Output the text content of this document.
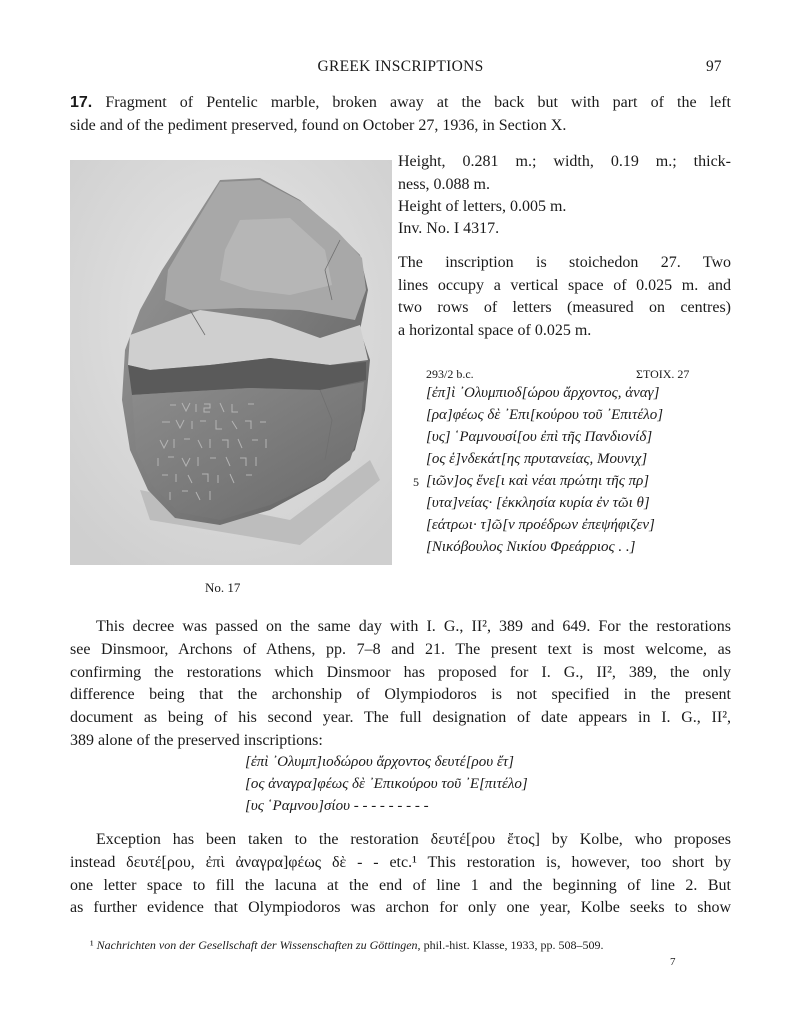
GREEK INSCRIPTIONS	97
17. Fragment of Pentelic marble, broken away at the back but with part of the left
side and of the pediment preserved, found on October 27, 1936, in Section X.
No. 17
Height, 0.281 m.; width, 0.19 m.; thick-
ness, 0.088 m.
Height of letters, 0.005 m.
Inv. No. I 4317.
The inscription is stoichedon 27. Two
lines occupy a vertical space of 0.025 m. and
two rows of letters (measured on centres)
a horizontal space of 0.025 m.
293/2 b.c.	ΣΤΟΙΧ. 27
[ἐπ]ὶ ᾿Ολυμπιοδ[ώρου ἄρχοντος, ἀναγ]
[ρα]φέως δὲ ᾿Επι[κούρου τοῦ ᾿Επιτέλο]
[υς] ῾Ραμνουσί[ου ἐπὶ τῆς Πανδιονίδ]
[ος ἑ]νδεκάτ[ης πρυτανείας, Μουνιχ]
5 [ιῶν]ος ἕνε[ι καὶ νέαι πρώτηι τῆς πρ]
[υτα]νείας· [ἐκκλησία κυρία ἐν τῶι θ]
[εάτρωι· τ]ῶ[ν προέδρων ἐπεψήφιζεν]
[Νικόβουλος Νικίου Φρεάρριος . .]
This decree was passed on the same day with I. G., II², 389 and 649. For the restorations
see Dinsmoor, Archons of Athens, pp. 7–8 and 21. The present text is most welcome, as
confirming the restorations which Dinsmoor has proposed for I. G., II², 389, the only
difference being that the archonship of Olympiodoros is not specified in the present
document as being of his second year. The full designation of date appears in I. G., II²,
389 alone of the preserved inscriptions:
[ἐπὶ ᾿Ολυμπ]ιοδώρου ἄρχοντος δευτέ[ρου ἔτ]
[ος ἀναγρα]φέως δὲ ᾿Επικούρου τοῦ ᾿Ε[πιτέλο]
[υς ῾Ραμνου]σίου - - - - - - - - -
Exception has been taken to the restoration δευτέ[ρου ἔτος] by Kolbe, who proposes
instead δευτέ[ρου, ἐπὶ ἀναγρα]φέως δὲ - - etc.¹ This restoration is, however, too short by
one letter space to fill the lacuna at the end of line 1 and the beginning of line 2. But
as further evidence that Olympiodoros was archon for only one year, Kolbe seeks to show
¹ Nachrichten von der Gesellschaft der Wissenschaften zu Göttingen, phil.-hist. Klasse, 1933, pp. 508–509.
7
